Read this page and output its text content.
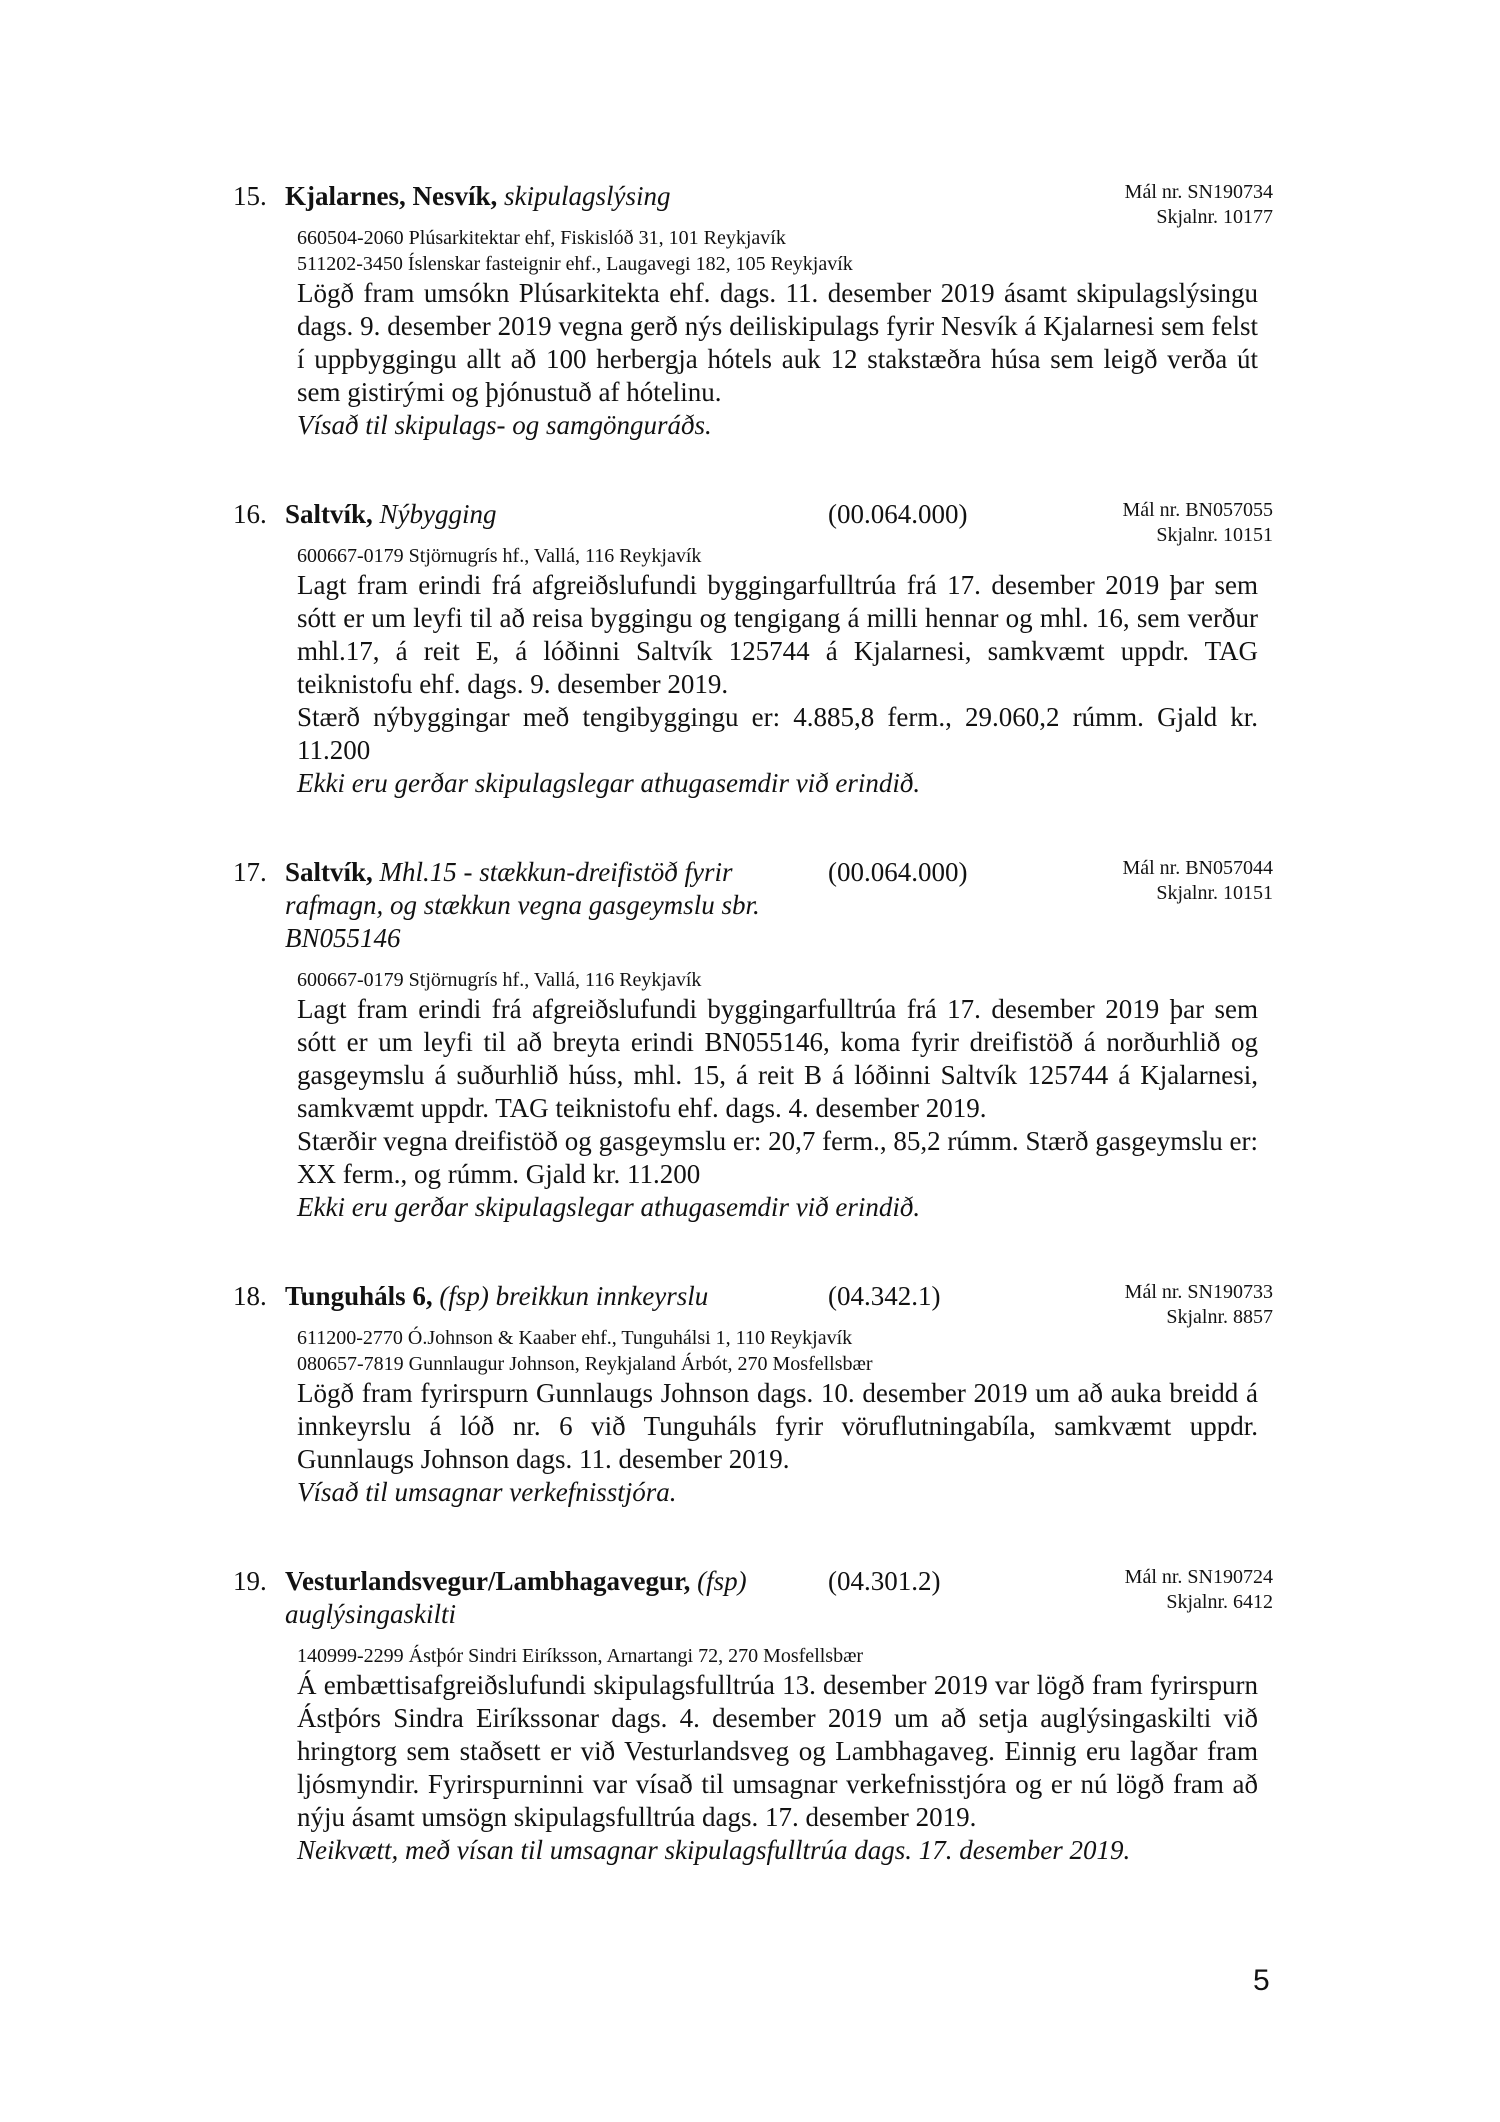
15.	Mál nr. SN190734
Skjalnr. 10177
Kjalarnes, Nesvík, skipulagslýsing
660504-2060 Plúsarkitektar ehf, Fiskislóð 31, 101 Reykjavík
511202-3450 Íslenskar fasteignir ehf., Laugavegi 182, 105 Reykjavík

Lögð fram umsókn Plúsarkitekta ehf. dags. 11. desember 2019 ásamt skipulagslýsingu dags. 9. desember 2019 vegna gerð nýs deiliskipulags fyrir Nesvík á Kjalarnesi sem felst í uppbyggingu allt að 100 herbergja hótels auk 12 stakstæðra húsa sem leigð verða út sem gistirými og þjónustuð af hótelinu.

Vísað til skipulags- og samgönguráðs.

16.	Mál nr. BN057055
Skjalnr. 10151
Saltvík, Nýbygging	(00.064.000)
600667-0179 Stjörnugrís hf., Vallá, 116 Reykjavík

Lagt fram erindi frá afgreiðslufundi byggingarfulltrúa frá 17. desember 2019 þar sem sótt er um leyfi til að reisa byggingu og tengigang á milli hennar og mhl. 16, sem verður mhl.17, á reit E, á lóðinni Saltvík 125744 á Kjalarnesi, samkvæmt uppdr. TAG teiknistofu ehf. dags. 9. desember 2019.

Stærð nýbyggingar með tengibyggingu er: 4.885,8 ferm., 29.060,2 rúmm. Gjald kr. 11.200

Ekki eru gerðar skipulagslegar athugasemdir við erindið.

17.	Mál nr. BN057044
Skjalnr. 10151
Saltvík, Mhl.15 - stækkun-dreifistöð fyrir rafmagn, og stækkun vegna gasgeymslu sbr. BN055146
(00.064.000)
600667-0179 Stjörnugrís hf., Vallá, 116 Reykjavík

Lagt fram erindi frá afgreiðslufundi byggingarfulltrúa frá 17. desember 2019 þar sem sótt er um leyfi til að breyta erindi BN055146, koma fyrir dreifistöð á norðurhlið og gasgeymslu á suðurhlið húss, mhl. 15, á reit B á lóðinni Saltvík 125744 á Kjalarnesi, samkvæmt uppdr. TAG teiknistofu ehf. dags. 4. desember 2019.

Stærðir vegna dreifistöð og gasgeymslu er: 20,7 ferm., 85,2 rúmm. Stærð gasgeymslu er: XX ferm., og rúmm. Gjald kr. 11.200

Ekki eru gerðar skipulagslegar athugasemdir við erindið.

18.	Mál nr. SN190733
Skjalnr. 8857
Tunguháls 6, (fsp) breikkun innkeyrslu	(04.342.1)
611200-2770 Ó.Johnson & Kaaber ehf., Tunguhálsi 1, 110 Reykjavík
080657-7819 Gunnlaugur Johnson, Reykjaland Árbót, 270 Mosfellsbær

Lögð fram fyrirspurn Gunnlaugs Johnson dags. 10. desember 2019 um að auka breidd á innkeyrslu á lóð nr. 6 við Tunguháls fyrir vöruflutningabíla, samkvæmt uppdr. Gunnlaugs Johnson dags. 11. desember 2019.

Vísað til umsagnar verkefnisstjóra.

19.	Mál nr. SN190724
Skjalnr. 6412
Vesturlandsvegur/Lambhagavegur, (fsp) auglýsingaskilti
(04.301.2)
140999-2299 Ástþór Sindri Eiríksson, Arnartangi 72, 270 Mosfellsbær

Á embættisafgreiðslufundi skipulagsfulltrúa 13. desember 2019 var lögð fram fyrirspurn Ástþórs Sindra Eiríkssonar dags. 4. desember 2019 um að setja auglýsingaskilti við hringtorg sem staðsett er við Vesturlandsveg og Lambhagaveg. Einnig eru lagðar fram ljósmyndir. Fyrirspurninni var vísað til umsagnar verkefnisstjóra og er nú lögð fram að nýju ásamt umsögn skipulagsfulltrúa dags. 17. desember 2019.

Neikvætt, með vísan til umsagnar skipulagsfulltrúa dags. 17. desember 2019.

5
